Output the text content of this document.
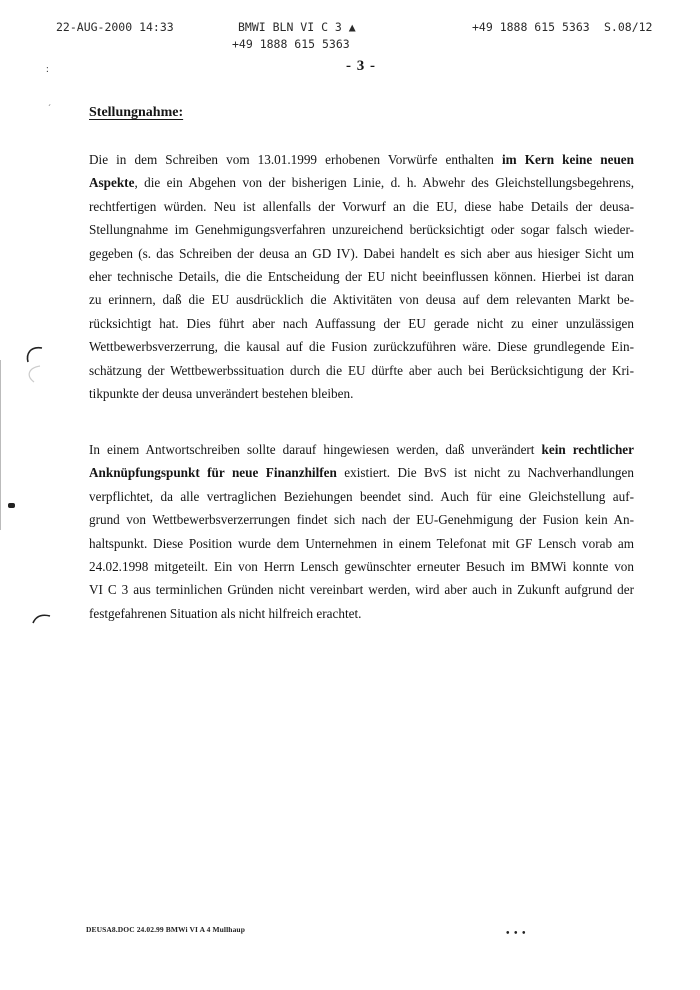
22-AUG-2000 14:33	BMWI BLN VI C 3 ▲	+49 1888 615 5363 S.08/12
+49 1888 615 5363
- 3 -
:
´	Stellungnahme:
Die in dem Schreiben vom 13.01.1999 erhobenen Vorwürfe enthalten im Kern keine neuen
Aspekte, die ein Abgehen von der bisherigen Linie, d. h. Abwehr des Gleichstellungsbegehrens,
rechtfertigen würden. Neu ist allenfalls der Vorwurf an die EU, diese habe Details der deusa-
Stellungnahme im Genehmigungsverfahren unzureichend berücksichtigt oder sogar falsch wieder-
gegeben (s. das Schreiben der deusa an GD IV). Dabei handelt es sich aber aus hiesiger Sicht um
eher technische Details, die die Entscheidung der EU nicht beeinflussen können. Hierbei ist daran
zu erinnern, daß die EU ausdrücklich die Aktivitäten von deusa auf dem relevanten Markt be-
rücksichtigt hat. Dies führt aber nach Auffassung der EU gerade nicht zu einer unzulässigen
Wettbewerbsverzerrung, die kausal auf die Fusion zurückzuführen wäre. Diese grundlegende Ein-
schätzung der Wettbewerbssituation durch die EU dürfte aber auch bei Berücksichtigung der Kri-
tikpunkte der deusa unverändert bestehen bleiben.
In einem Antwortschreiben sollte darauf hingewiesen werden, daß unverändert kein rechtlicher
Anknüpfungspunkt für neue Finanzhilfen existiert. Die BvS ist nicht zu Nachverhandlungen
verpflichtet, da alle vertraglichen Beziehungen beendet sind. Auch für eine Gleichstellung auf-
grund von Wettbewerbsverzerrungen findet sich nach der EU-Genehmigung der Fusion kein An-
haltspunkt. Diese Position wurde dem Unternehmen in einem Telefonat mit GF Lensch vorab am
24.02.1998 mitgeteilt. Ein von Herrn Lensch gewünschter erneuter Besuch im BMWi konnte von
VI C 3 aus terminlichen Gründen nicht vereinbart werden, wird aber auch in Zukunft aufgrund der
festgefahrenen Situation als nicht hilfreich erachtet.
DEUSA8.DOC 24.02.99 BMWi VI A 4 Mullhaup	• • •
